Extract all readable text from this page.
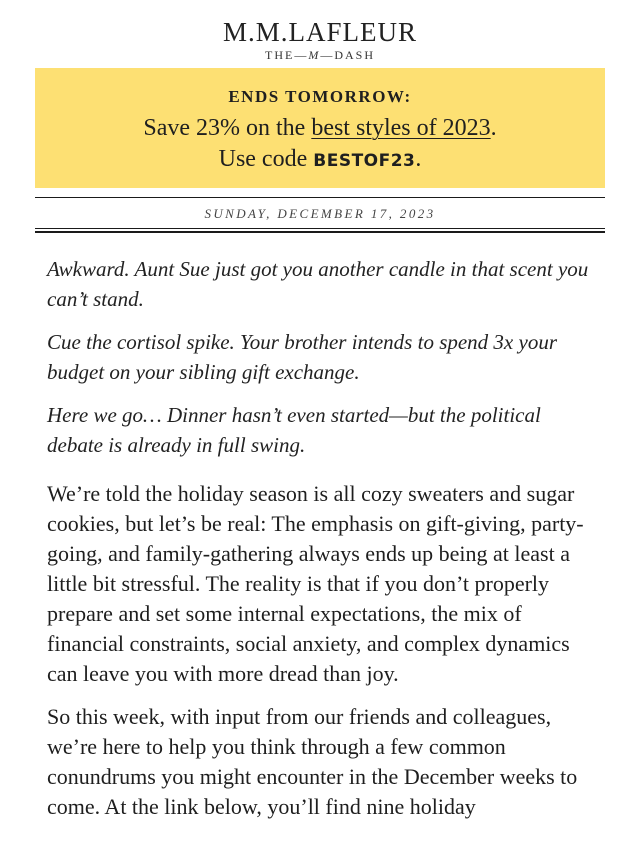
M.M.LAFLEUR
THE—M—DASH
ENDS TOMORROW:
Save 23% on the best styles of 2023.
Use code BESTOF23.
SUNDAY, DECEMBER 17, 2023

Awkward. Aunt Sue just got you another candle in that scent you can’t stand.

Cue the cortisol spike. Your brother intends to spend 3x your budget on your sibling gift exchange.

Here we go… Dinner hasn’t even started—but the political debate is already in full swing.

We’re told the holiday season is all cozy sweaters and sugar cookies, but let’s be real: The emphasis on gift-giving, party-going, and family-gathering always ends up being at least a little bit stressful. The reality is that if you don’t properly prepare and set some internal expectations, the mix of financial constraints, social anxiety, and complex dynamics can leave you with more dread than joy.

So this week, with input from our friends and colleagues, we’re here to help you think through a few common conundrums you might encounter in the December weeks to come. At the link below, you’ll find nine holiday
